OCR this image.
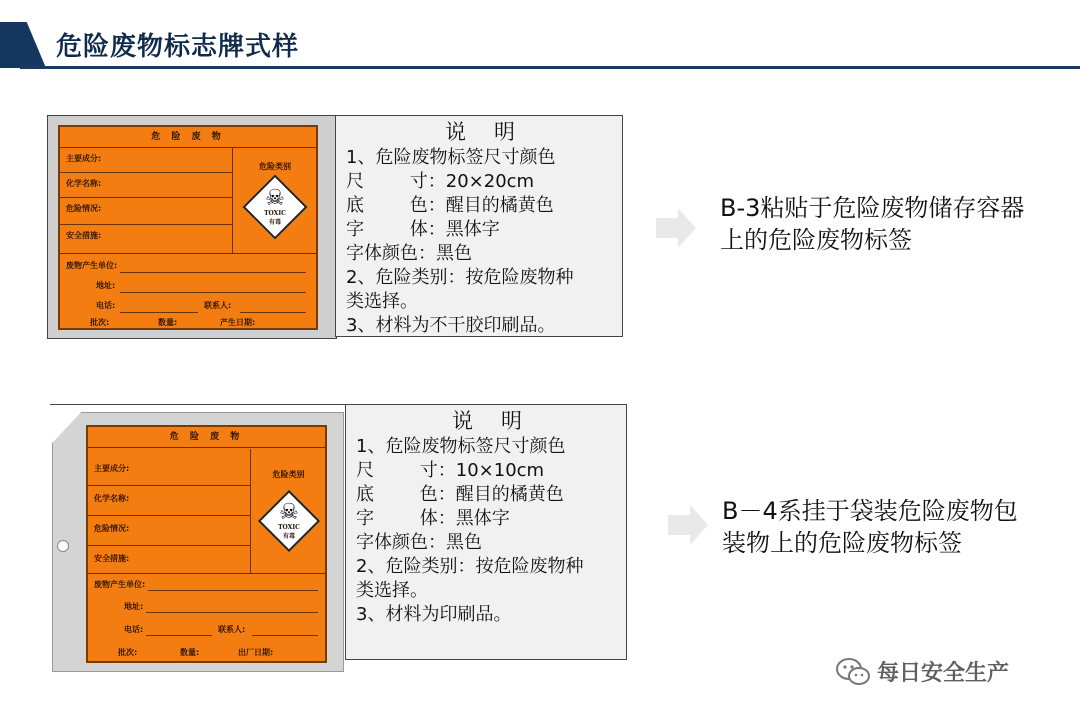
危险废物标志牌式样
危 险 废 物
危险类别
☠
TOXIC
有毒
主要成分:
化学名称:
危险情况:
安全措施:
废物产生单位:
地址:
电话:	联系人:
批次:	数量:	产生日期:
说明
1、危险废物标签尺寸颜色
尺        寸：20×20cm
底        色：醒目的橘黄色
字        体：黑体字
字体颜色：黑色
2、危险类别：按危险废物种
类选择。
3、材料为不干胶印刷品。
B-3粘贴于危险废物储存容器
上的危险废物标签
危 险 废 物
危险类别
☠
TOXIC
有毒
主要成分:
化学名称:
危险情况:
安全措施:
废物产生单位:
地址:
电话:	联系人:
批次:	数量:	出厂日期:
说明
1、危险废物标签尺寸颜色
尺        寸：10×10cm
底        色：醒目的橘黄色
字        体：黑体字
字体颜色：黑色
2、危险类别：按危险废物种
类选择。
3、材料为印刷品。
B－4系挂于袋装危险废物包
装物上的危险废物标签
每日安全生产
